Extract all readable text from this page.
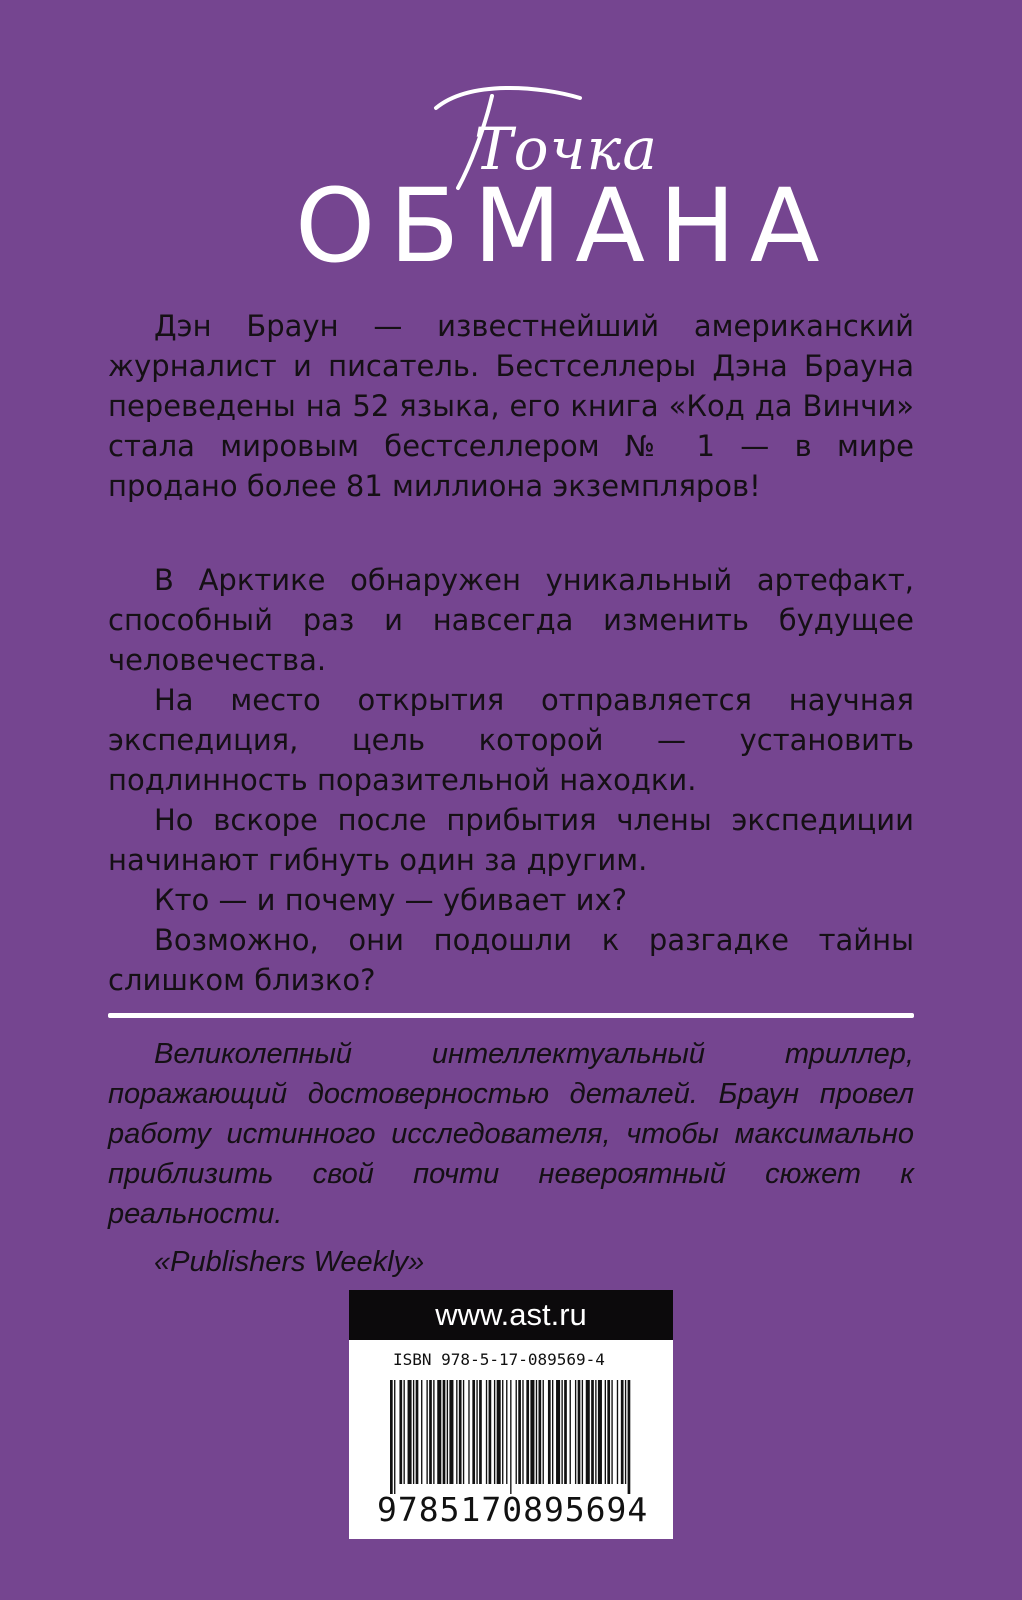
Точка
ОБМАНА

Дэн Браун — известнейший американский журналист и писатель. Бестселлеры Дэна Брауна переведены на 52 языка, его книга «Код да Винчи» стала мировым бестселлером № 1 — в мире продано более 81 миллиона экземпляров!

В Арктике обнаружен уникальный артефакт, способный раз и навсегда изменить будущее человечества.

На место открытия отправляется научная экспедиция, цель которой — установить подлинность поразительной находки.

Но вскоре после прибытия члены экспедиции начинают гибнуть один за другим.

Кто — и почему — убивает их?

Возможно, они подошли к разгадке тайны слишком близко?

Великолепный интеллектуальный триллер, поражающий достоверностью деталей. Браун провел работу истинного исследователя, чтобы максимально приблизить свой почти невероятный сюжет к реальности.

«Publishers Weekly»

www.ast.ru
ISBN 978-5-17-089569-4
9785170895694
